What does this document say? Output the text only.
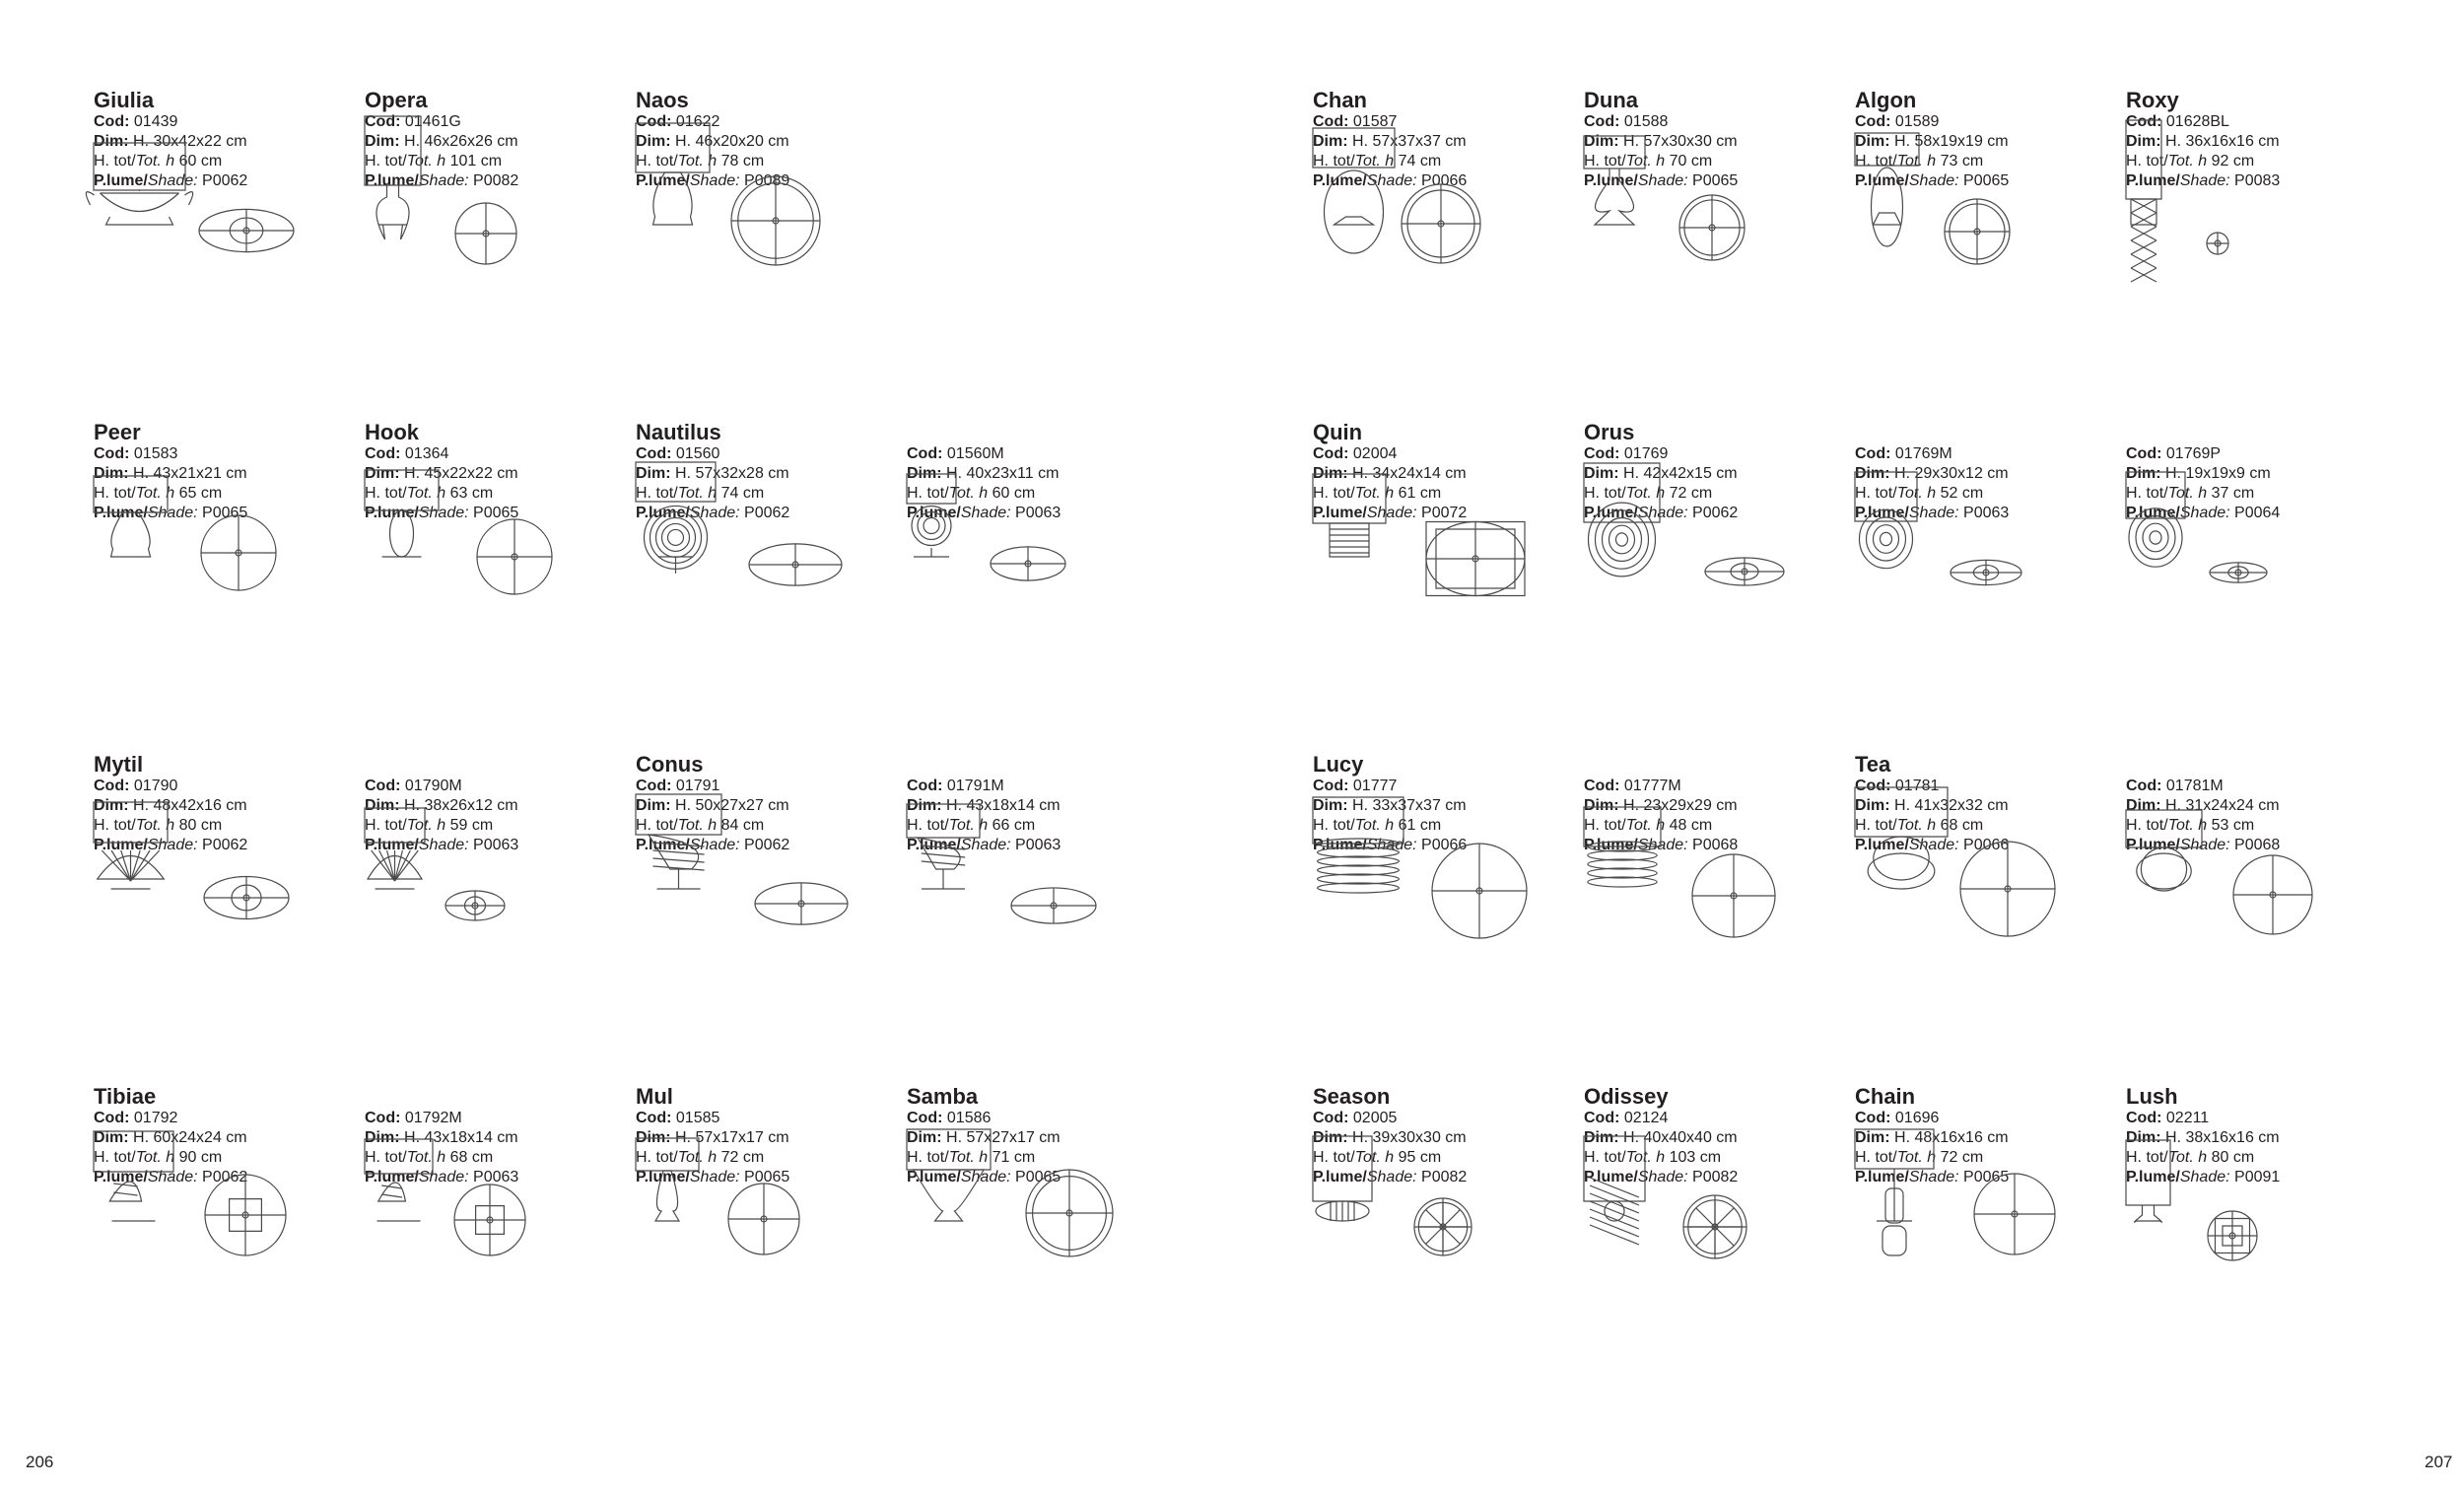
Giulia
Cod: 01439
Dim: H. 30x42x22 cm
H. tot/Tot. h 60 cm
P.lume/Shade: P0062
Opera
Cod: 01461G
Dim: H. 46x26x26 cm
H. tot/Tot. h 101 cm
P.lume/Shade: P0082
Naos
Cod: 01622
Dim: H. 46x20x20 cm
H. tot/Tot. h 78 cm
P.lume/Shade: P0089
Chan
Cod: 01587
Dim: H. 57x37x37 cm
H. tot/Tot. h 74 cm
P.lume/Shade: P0066
Duna
Cod: 01588
Dim: H. 57x30x30 cm
H. tot/Tot. h 70 cm
P.lume/Shade: P0065
Algon
Cod: 01589
Dim: H. 58x19x19 cm
H. tot/Tot. h 73 cm
P.lume/Shade: P0065
Roxy
Cod: 01628BL
Dim: H. 36x16x16 cm
H. tot/Tot. h 92 cm
P.lume/Shade: P0083
Peer
Cod: 01583
Dim: H. 43x21x21 cm
H. tot/Tot. h 65 cm
P.lume/Shade: P0065
Hook
Cod: 01364
Dim: H. 45x22x22 cm
H. tot/Tot. h 63 cm
P.lume/Shade: P0065
Nautilus
Cod: 01560
Dim: H. 57x32x28 cm
H. tot/Tot. h 74 cm
P.lume/Shade: P0062
Cod: 01560M
Dim: H. 40x23x11 cm
H. tot/Tot. h 60 cm
P.lume/Shade: P0063
Quin
Cod: 02004
Dim: H. 34x24x14 cm
H. tot/Tot. h 61 cm
P.lume/Shade: P0072
Orus
Cod: 01769
Dim: H. 42x42x15 cm
H. tot/Tot. h 72 cm
P.lume/Shade: P0062
Cod: 01769M
Dim: H. 29x30x12 cm
H. tot/Tot. h 52 cm
P.lume/Shade: P0063
Cod: 01769P
Dim: H. 19x19x9 cm
H. tot/Tot. h 37 cm
P.lume/Shade: P0064
Mytil
Cod: 01790
Dim: H. 48x42x16 cm
H. tot/Tot. h 80 cm
P.lume/Shade: P0062
Cod: 01790M
Dim: H. 38x26x12 cm
H. tot/Tot. h 59 cm
P.lume/Shade: P0063
Conus
Cod: 01791
Dim: H. 50x27x27 cm
H. tot/Tot. h 84 cm
P.lume/Shade: P0062
Cod: 01791M
Dim: H. 43x18x14 cm
H. tot/Tot. h 66 cm
P.lume/Shade: P0063
Lucy
Cod: 01777
Dim: H. 33x37x37 cm
H. tot/Tot. h 61 cm
P.lume/Shade: P0066
Cod: 01777M
Dim: H. 23x29x29 cm
H. tot/Tot. h 48 cm
P.lume/Shade: P0068
Tea
Cod: 01781
Dim: H. 41x32x32 cm
H. tot/Tot. h 68 cm
P.lume/Shade: P0066
Cod: 01781M
Dim: H. 31x24x24 cm
H. tot/Tot. h 53 cm
P.lume/Shade: P0068
Tibiae
Cod: 01792
Dim: H. 60x24x24 cm
H. tot/Tot. h 90 cm
P.lume/Shade: P0062
Cod: 01792M
Dim: H. 43x18x14 cm
H. tot/Tot. h 68 cm
P.lume/Shade: P0063
Mul
Cod: 01585
Dim: H. 57x17x17 cm
H. tot/Tot. h 72 cm
P.lume/Shade: P0065
Samba
Cod: 01586
Dim: H. 57x27x17 cm
H. tot/Tot. h 71 cm
P.lume/Shade: P0065
Season
Cod: 02005
Dim: H. 39x30x30 cm
H. tot/Tot. h 95 cm
P.lume/Shade: P0082
Odissey
Cod: 02124
Dim: H. 40x40x40 cm
H. tot/Tot. h 103 cm
P.lume/Shade: P0082
Chain
Cod: 01696
Dim: H. 48x16x16 cm
H. tot/Tot. h 72 cm
P.lume/Shade: P0065
Lush
Cod: 02211
Dim: H. 38x16x16 cm
H. tot/Tot. h 80 cm
P.lume/Shade: P0091
206	207
